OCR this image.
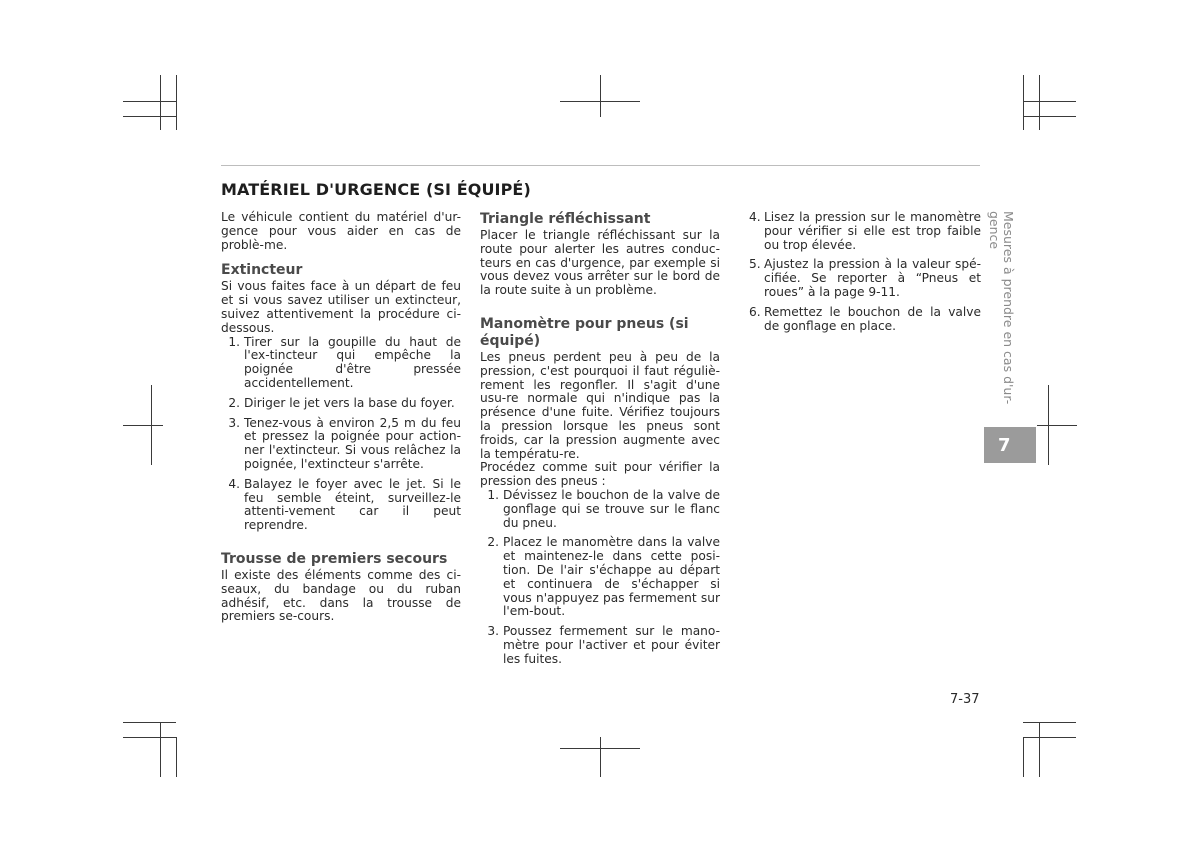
MATÉRIEL D'URGENCE (SI ÉQUIPÉ)

Le véhicule contient du matériel d'ur-gence pour vous aider en cas de problè-me.

Extincteur

Si vous faites face à un départ de feu et si vous savez utiliser un extincteur, suivez attentivement la procédure ci-dessous.

1. Tirer sur la goupille du haut de l'ex-tincteur qui empêche la poignée d'être pressée accidentellement.
2. Diriger le jet vers la base du foyer.
3. Tenez-vous à environ 2,5 m du feu et pressez la poignée pour action-ner l'extincteur. Si vous relâchez la poignée, l'extincteur s'arrête.
4. Balayez le foyer avec le jet. Si le feu semble éteint, surveillez-le attenti-vement car il peut reprendre.
Trousse de premiers secours

Il existe des éléments comme des ci-seaux, du bandage ou du ruban adhésif, etc. dans la trousse de premiers se-cours.

Triangle réfléchissant

Placer le triangle réfléchissant sur la route pour alerter les autres conduc-teurs en cas d'urgence, par exemple si vous devez vous arrêter sur le bord de la route suite à un problème.

Manomètre pour pneus (si équipé)

Les pneus perdent peu à peu de la pression, c'est pourquoi il faut réguliè-rement les regonfler. Il s'agit d'une usu-re normale qui n'indique pas la présence d'une fuite. Vérifiez toujours la pression lorsque les pneus sont froids, car la pression augmente avec la températu-re.

Procédez comme suit pour vérifier la pression des pneus :

1. Dévissez le bouchon de la valve de gonflage qui se trouve sur le flanc du pneu.
2. Placez le manomètre dans la valve et maintenez-le dans cette posi-tion. De l'air s'échappe au départ et continuera de s'échapper si vous n'appuyez pas fermement sur l'em-bout.
3. Poussez fermement sur le mano-mètre pour l'activer et pour éviter les fuites.
4. Lisez la pression sur le manomètre pour vérifier si elle est trop faible ou trop élevée.
5. Ajustez la pression à la valeur spé-cifiée. Se reporter à “Pneus et roues” à la page 9-11.
6. Remettez le bouchon de la valve de gonflage en place.	Mesures à prendre en cas d'ur-gence
7
7-37
